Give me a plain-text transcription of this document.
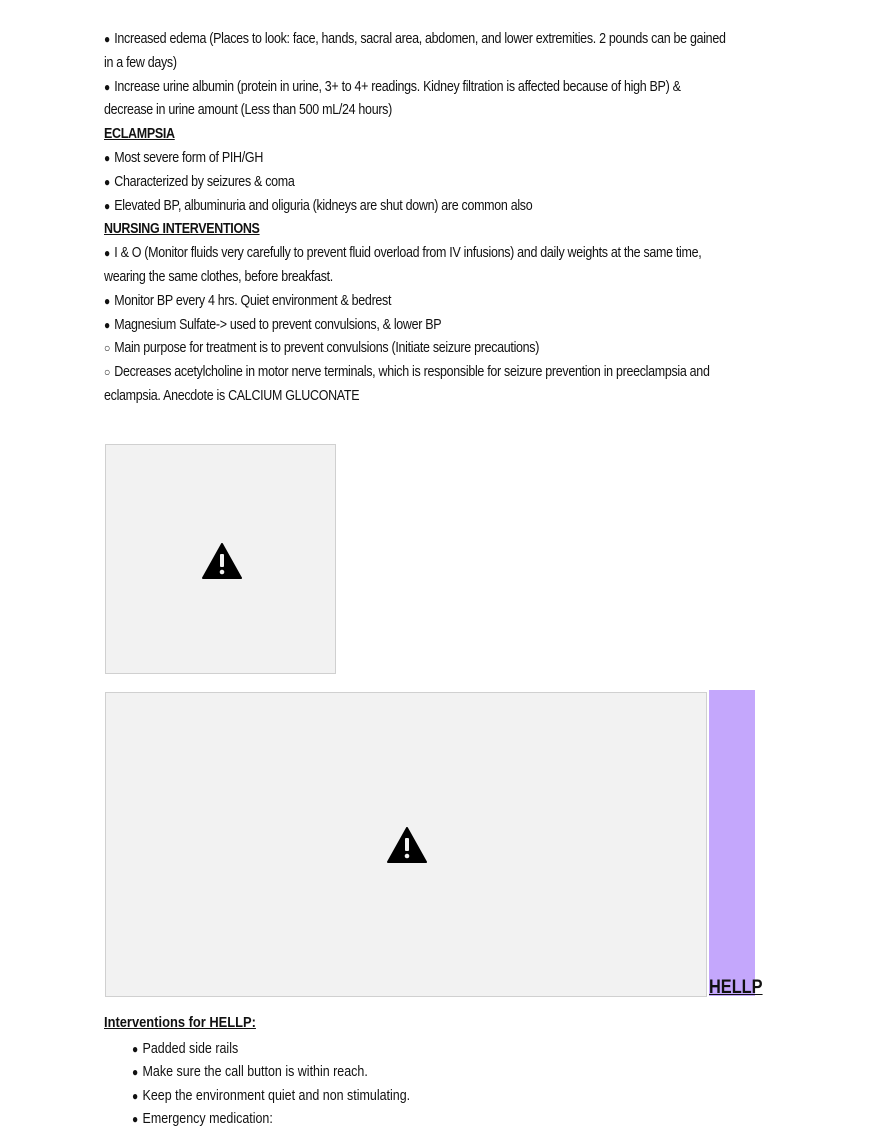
● Increased edema (Places to look: face, hands, sacral area, abdomen, and lower extremities. 2 pounds can be gained

in a few days)

● Increase urine albumin (protein in urine, 3+ to 4+ readings. Kidney filtration is affected because of high BP) &

decrease in urine amount (Less than 500 mL/24 hours)

ECLAMPSIA

● Most severe form of PIH/GH

● Characterized by seizures & coma

● Elevated BP, albuminuria and oliguria (kidneys are shut down) are common also

NURSING INTERVENTIONS

● I & O (Monitor fluids very carefully to prevent fluid overload from IV infusions) and daily weights at the same time,

wearing the same clothes, before breakfast.

● Monitor BP every 4 hrs. Quiet environment & bedrest

● Magnesium Sulfate-> used to prevent convulsions, & lower BP

○ Main purpose for treatment is to prevent convulsions (Initiate seizure precautions)

○ Decreases acetylcholine in motor nerve terminals, which is responsible for seizure prevention in preeclampsia and

eclampsia. Anecdote is CALCIUM GLUCONATE

HELLP
Interventions for HELLP:
● Padded side rails
● Make sure the call button is within reach.
● Keep the environment quiet and non stimulating.
● Emergency medication:
